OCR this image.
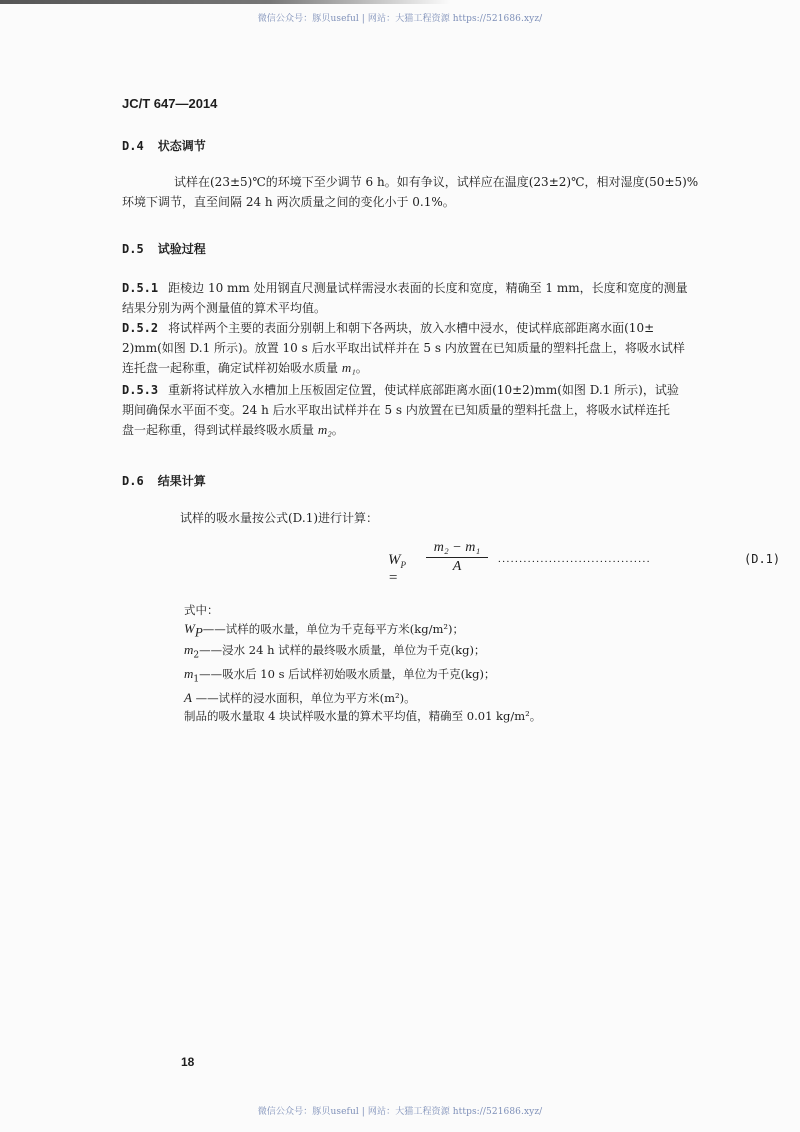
微信公众号：豚贝useful | 网站：大猫工程资源 https://521686.xyz/
JC/T 647—2014
D.4 状态调节
试样在(23±5)℃的环境下至少调节 6 h。如有争议，试样应在温度(23±2)℃，相对湿度(50±5)%
环境下调节，直至间隔 24 h 两次质量之间的变化小于 0.1%。
D.5 试验过程
D.5.1 距棱边 10 mm 处用钢直尺测量试样需浸水表面的长度和宽度，精确至 1 mm，长度和宽度的测量
结果分别为两个测量值的算术平均值。
D.5.2 将试样两个主要的表面分别朝上和朝下各两块，放入水槽中浸水，使试样底部距离水面(10±
2)mm(如图 D.1 所示)。放置 10 s 后水平取出试样并在 5 s 内放置在已知质量的塑料托盘上，将吸水试样
连托盘一起称重，确定试样初始吸水质量 m₁。
D.5.3 重新将试样放入水槽加上压板固定位置，使试样底部距离水面(10±2)mm(如图 D.1 所示)，试验
期间确保水平面不变。24 h 后水平取出试样并在 5 s 内放置在已知质量的塑料托盘上，将吸水试样连托
盘一起称重，得到试样最终吸水质量 m₂。
D.6 结果计算
试样的吸水量按公式(D.1)进行计算：
$W_P$ =
$\frac{\text{m₂ − m₁}}{A}$ ....................................	(D.1)
式中：
$W_P——$试样的吸水量，单位为千克每平方米(kg/m²)；
$m_2——$浸水 24 h 试样的最终吸水质量，单位为千克(kg)；
$m_1——$吸水后 10 s 后试样初始吸水质量，单位为千克(kg)；
A ——试样的浸水面积，单位为平方米(m²)。
制品的吸水量取 4 块试样吸水量的算术平均值，精确至 0.01 kg/m²。
18
微信公众号：豚贝useful | 网站：大猫工程资源 https://521686.xyz/
